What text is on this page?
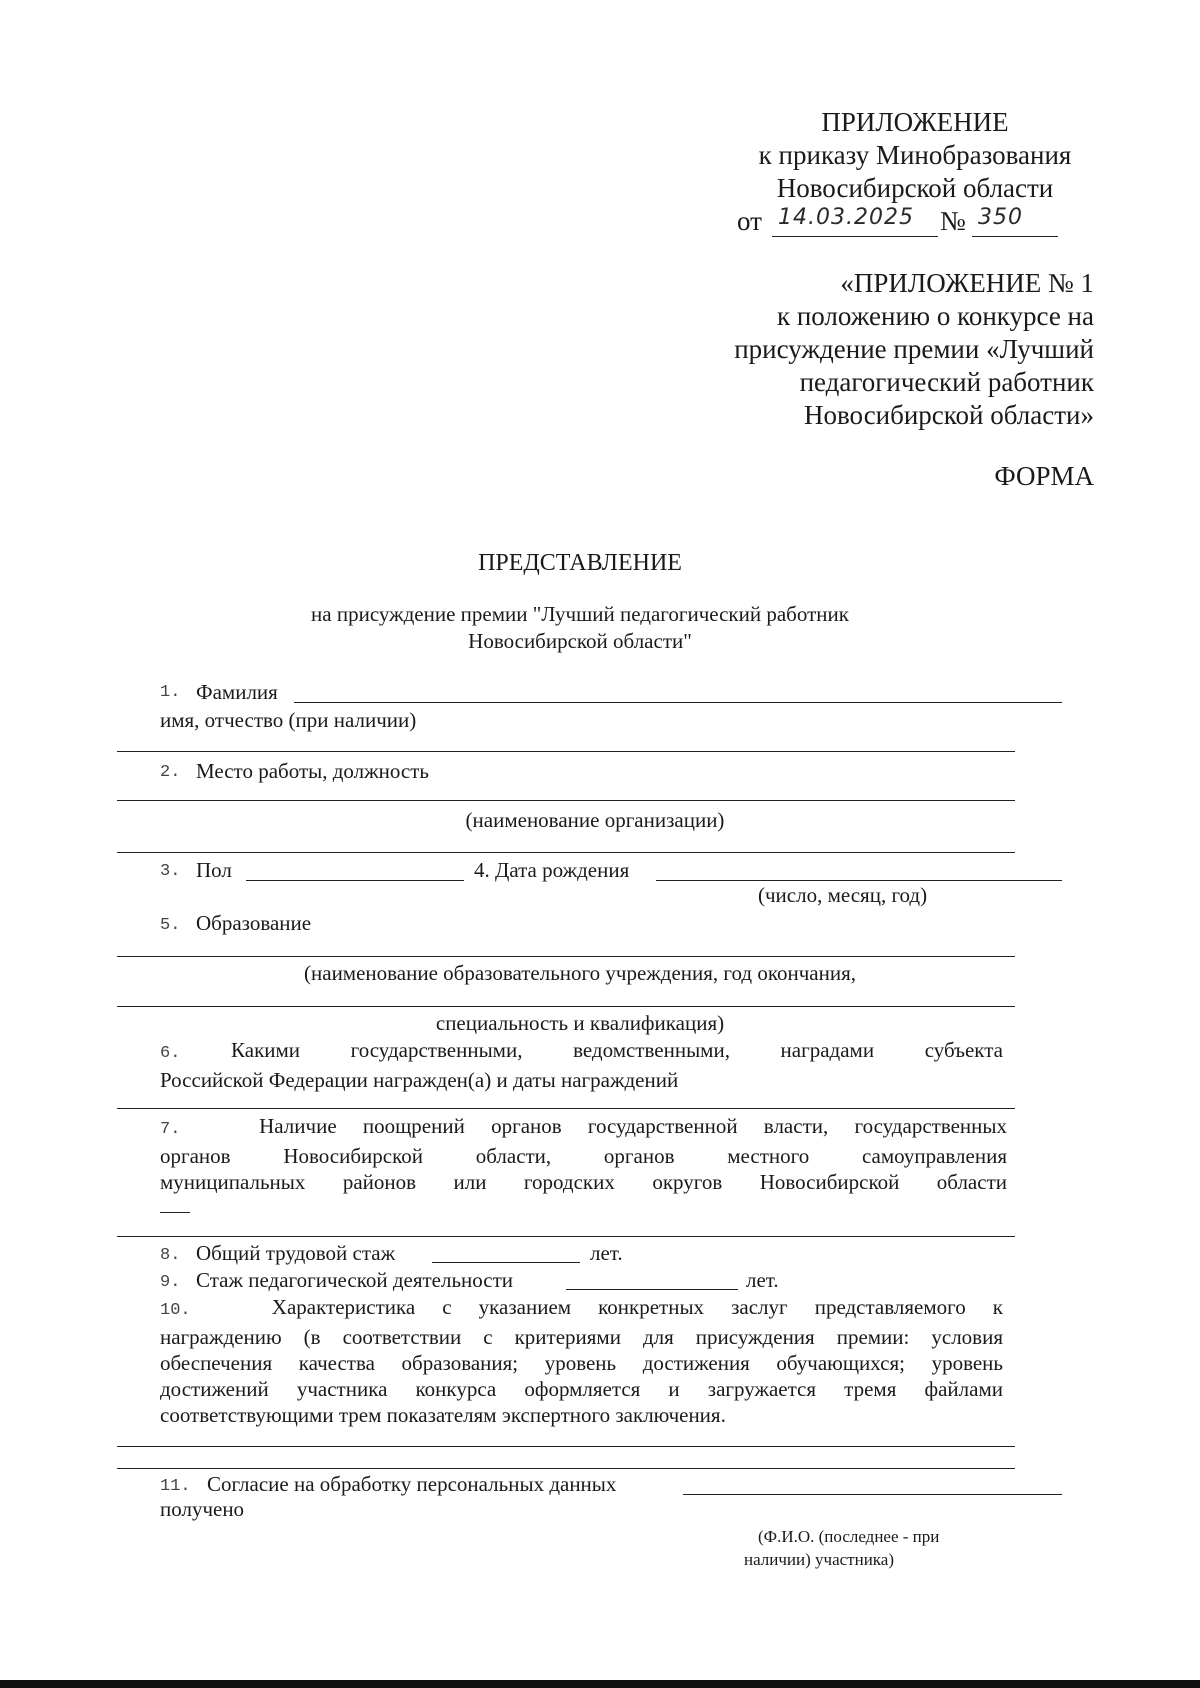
ПРИЛОЖЕНИЕ
к приказу Минобразования
Новосибирской области
от 14.03.2025 № 350
«ПРИЛОЖЕНИЕ № 1
к положению о конкурсе на
присуждение премии «Лучший
педагогический работник
Новосибирской области»
ФОРМА
ПРЕДСТАВЛЕНИЕ
на присуждение премии "Лучший педагогический работник
Новосибирской области"
1. Фамилия
имя, отчество (при наличии)
2. Место работы, должность
(наименование организации)
3. Пол	4. Дата рождения
(число, месяц, год)
5. Образование
(наименование образовательного учреждения, год окончания,
специальность и квалификация)
6. Какими государственными, ведомственными, наградами субъекта
Российской Федерации награжден(а) и даты награждений
7.	Наличие поощрений органов государственной власти, государственных
органов Новосибирской области, органов местного самоуправления
муниципальных районов или городских округов Новосибирской области
8. Общий трудовой стаж	лет.
9. Стаж педагогической деятельности	лет.
10.	Характеристика с указанием конкретных заслуг представляемого к
награждению (в соответствии с критериями для присуждения премии: условия
обеспечения качества образования; уровень достижения обучающихся; уровень
достижений участника конкурса оформляется и загружается тремя файлами
соответствующими трем показателям экспертного заключения.
11. Согласие на обработку персональных данных
получено
(Ф.И.О. (последнее - при
наличии) участника)
